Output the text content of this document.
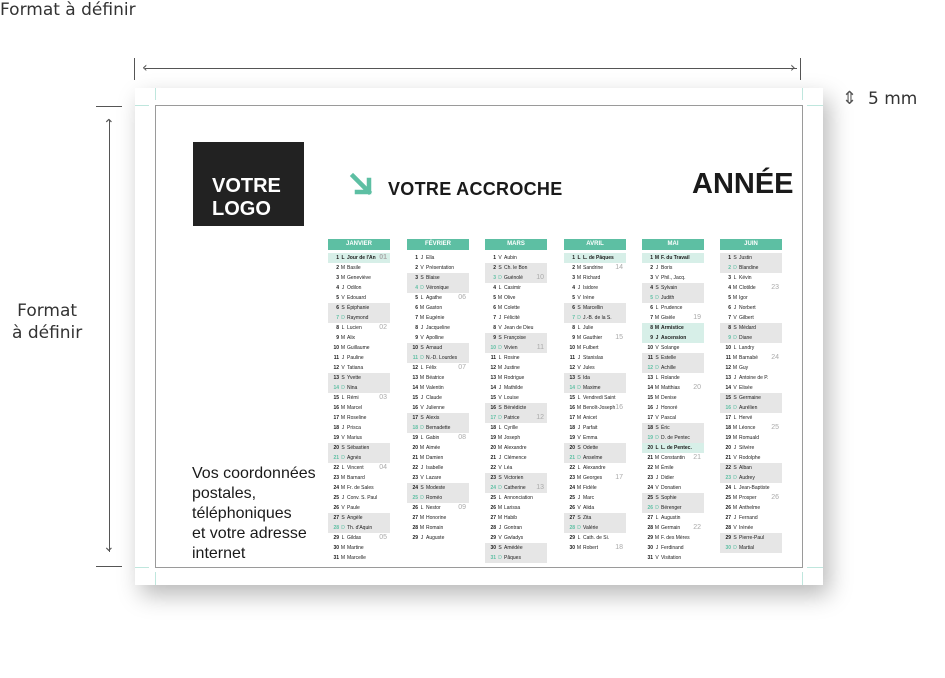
Format à définir
‹	›
Format
à définir
⌃
⌄
⇕ 5 mm
VOTRE
LOGO
VOTRE ACCROCHE	ANNÉE
Vos coordonnées
postales,
téléphoniques
et votre adresse
internet
JANVIER
1 L Jour de l'An 01
2 M Basile
3 M Geneviève
4 J Odilon
5 V Edouard
6 S Épiphanie
7 D Raymond
8 L Lucien 02
9 M Alix
10 M Guillaume
11 J Pauline
12 V Tatiana
13 S Yvette
14 D Nina
15 L Rémi	03
16 M Marcel
17 M Roseline
18 J Prisca
19 V Marius
20 S Sébastien
21 D Agnès
22 L Vincent 04
23 M Barnard
24 M Fr. de Sales
25 J Conv. S. Paul
26 V Paule
27 S Angèle
28 D Th. d'Aquin
29 L Gildas	05
30 M Martine
31 M Marcelle
FÉVRIER
1 J Ella
2 V Présentation
3 S Blaise
4 D Véronique
5 L Agathe 06
6 M Gaston
7 M Eugénie
8 J Jacqueline
9 V Apolline
10 S Arnaud
11 D N.-D. Lourdes
12 L Félix	07
13 M Béatrice
14 M Valentin
15 J Claude
16 V Julienne
17 S Alexis
18 D Bernadette
19 L Gabin	08
20 M Aimée
21 M Damien
22 J Isabelle
23 V Lazare
24 S Modeste
25 D Roméo
26 L Nestor 09
27 M Honorine
28 M Romain
29 J Auguste
MARS
1 V Aubin
2 S Ch. le Bon
3 D Guénolé 10
4 L Casimir
5 M Olive
6 M Colette
7 J Félicité
8 V Jean de Dieu
9 S Françoise
10 D Vivien	11
11 L Rosine
12 M Justine
13 M Rodrigue
14 J Mathilde
15 V Louise
16 S Bénédicte
17 D Patrice 12
18 L Cyrille
19 M Joseph
20 M Alexandre
21 J Clémence
22 V Léa
23 S Victorien
24 D Catherine 13
25 L Annonciation
26 M Larissa
27 M Habib
28 J Gontran
29 V Gwladys
30 S Amédée
31 D Pâques
AVRIL
1 L L. de Pâques
2 M Sandrine 14
3 M Richard
4 J Isidore
5 V Irène
6 S Marcellin
7 D J.-B. de la S.
8 L Julie
9 M Gauthier 15
10 M Fulbert
11 J Stanislas
12 V Jules
13 S Ida
14 D Maxime
15 L Vendredi Saint
16 M Benoît-Joseph 16
17 M Anicet
18 J Parfait
19 V Emma
20 S Odette
21 D Anselme
22 L Alexandre
23 M Georges 17
24 M Fidèle
25 J Marc
26 V Alida
27 S Zita
28 D Valérie
29 L Cath. de Si.
30 M Robert 18
MAI
1 M F. du Travail
2 J Boris
3 V Phil., Jacq.
4 S Sylvain
5 D Judith
6 L Prudence
7 M Gisèle	19
8 M Armistice
9 J Ascension
10 V Solange
11 S Estelle
12 D Achille
13 L Rolande
14 M Matthias 20
15 M Denise
16 J Honoré
17 V Pascal
18 S Éric
19 D D. de Pentec
20 L L. de Pentec.
21 M Constantin 21
22 M Émile
23 J Didier
24 V Donatien
25 S Sophie
26 D Bérenger
27 L Augustin
28 M Germain 22
29 M F. des Mères
30 J Ferdinand
31 V Visitation
JUIN
1 S Justin
2 D Blandine
3 L Kévin
4 M Clotilde 23
5 M Igor
6 J Norbert
7 V Gilbert
8 S Médard
9 D Diane
10 L Landry
11 M Barnabé 24
12 M Guy
13 J Antoine de P.
14 V Elisée
15 S Germaine
16 D Aurélien
17 L Hervé
18 M Léonce 25
19 M Romuald
20 J Silvère
21 V Rodolphe
22 S Alban
23 D Audrey
24 L Jean-Baptiste
25 M Prosper 26
26 M Anthelme
27 J Fernand
28 V Irénée
29 S Pierre-Paul
30 D Martial
